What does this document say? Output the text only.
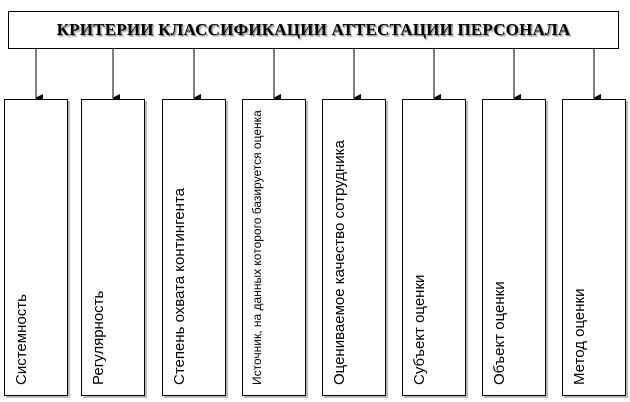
КРИТЕРИИ КЛАССИФИКАЦИИ АТТЕСТАЦИИ ПЕРСОНАЛА
Системность	Регулярность	Степень охвата контингента	Источник, на данных которого базируется оценка	Оцениваемое качество сотрудника	Субъект оценки	Объект оценки	Метод оценки
